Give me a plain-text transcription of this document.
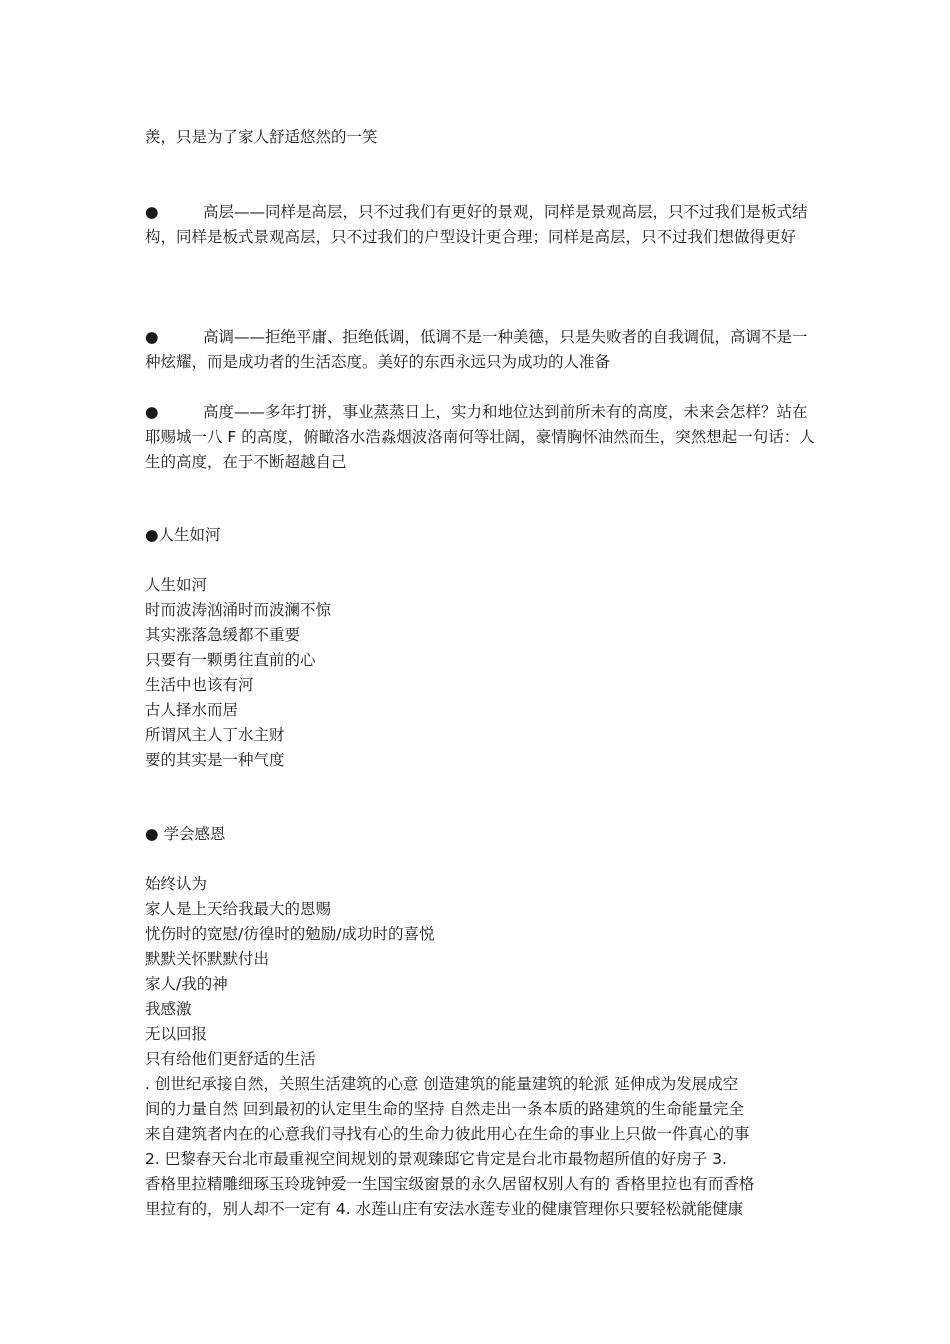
羡，只是为了家人舒适悠然的一笑

●	高层——同样是高层，只不过我们有更好的景观，同样是景观高层，只不过我们是板式结构，同样是板式景观高层，只不过我们的户型设计更合理；同样是高层，只不过我们想做得更好
●	高调——拒绝平庸、拒绝低调，低调不是一种美德，只是失败者的自我调侃，高调不是一种炫耀，而是成功者的生活态度。美好的东西永远只为成功的人准备
●	高度——多年打拼，事业蒸蒸日上，实力和地位达到前所未有的高度，未来会怎样？站在耶赐城一八 F 的高度，俯瞰洛水浩淼烟波洛南何等壮阔，豪情胸怀油然而生，突然想起一句话：人生的高度，在于不断超越自己

●人生如河

人生如河
时而波涛汹涌时而波澜不惊
其实涨落急缓都不重要
只要有一颗勇往直前的心
生活中也该有河
古人择水而居
所谓风主人丁水主财
要的其实是一种气度

● 学会感恩

始终认为
家人是上天给我最大的恩赐
忧伤时的宽慰/彷徨时的勉励/成功时的喜悦
默默关怀默默付出
家人/我的神
我感激
无以回报
只有给他们更舒适的生活
. 创世纪承接自然，关照生活建筑的心意 创造建筑的能量建筑的轮派 延伸成为发展成空
间的力量自然 回到最初的认定里生命的坚持 自然走出一条本质的路建筑的生命能量完全
来自建筑者内在的心意我们寻找有心的生命力彼此用心在生命的事业上只做一件真心的事
2. 巴黎春天台北市最重视空间规划的景观臻邸它肯定是台北市最物超所值的好房子 3.
香格里拉精雕细琢玉玲珑钟爱一生国宝级窗景的永久居留权别人有的 香格里拉也有而香格
里拉有的，别人却不一定有 4. 水莲山庄有安法水莲专业的健康管理你只要轻松就能健康
